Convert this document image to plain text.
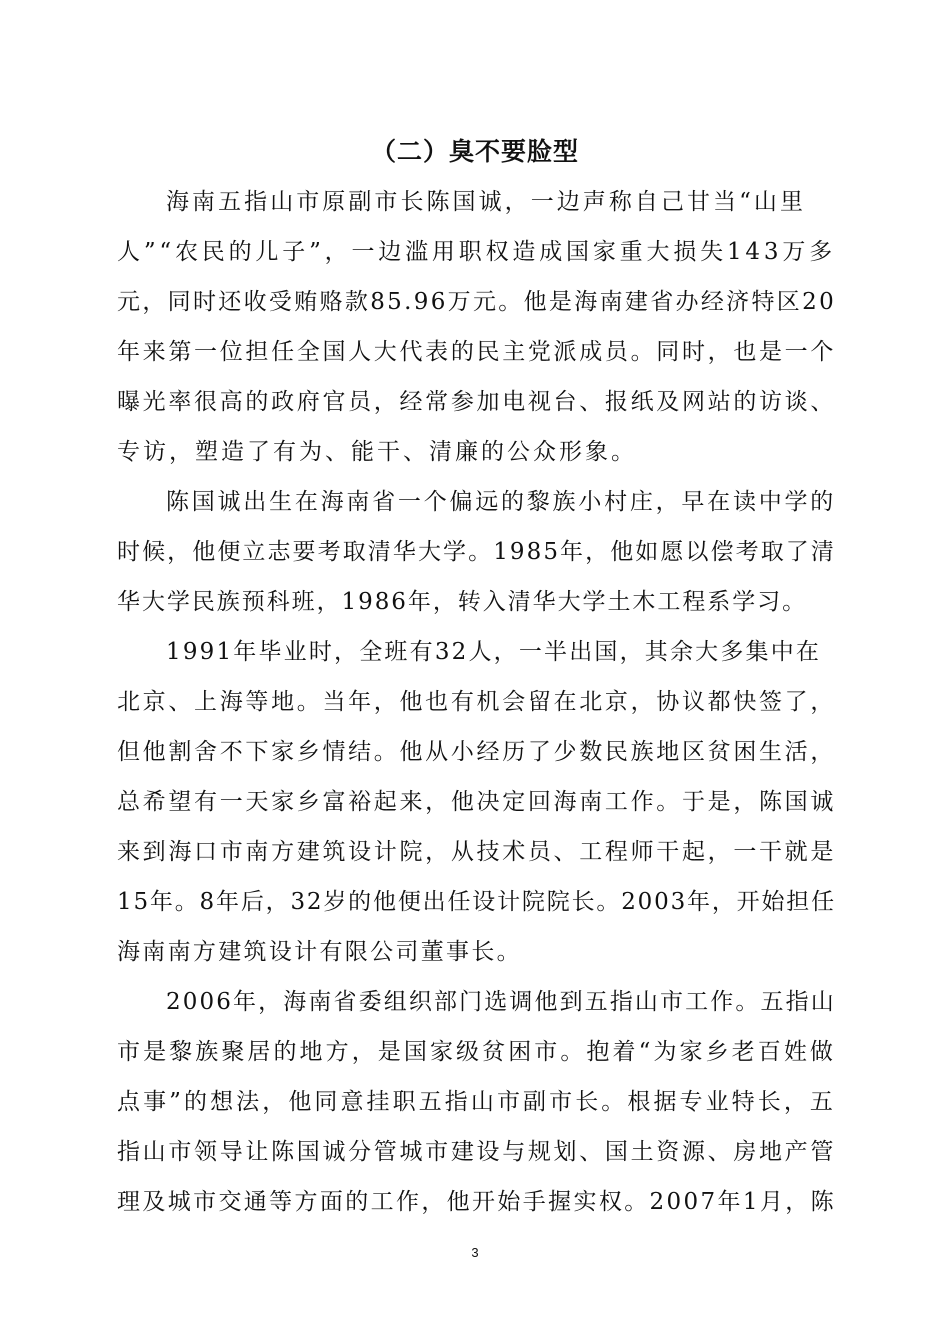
（二）臭不要脸型
海南五指山市原副市长陈国诚，一边声称自己甘当“山里
人”“农民的儿子”，一边滥用职权造成国家重大损失143万多
元，同时还收受贿赂款85.96万元。他是海南建省办经济特区20
年来第一位担任全国人大代表的民主党派成员。同时，也是一个
曝光率很高的政府官员，经常参加电视台、报纸及网站的访谈、
专访，塑造了有为、能干、清廉的公众形象。
陈国诚出生在海南省一个偏远的黎族小村庄，早在读中学的
时候，他便立志要考取清华大学。1985年，他如愿以偿考取了清
华大学民族预科班，1986年，转入清华大学土木工程系学习。
1991年毕业时，全班有32人，一半出国，其余大多集中在
北京、上海等地。当年，他也有机会留在北京，协议都快签了，
但他割舍不下家乡情结。他从小经历了少数民族地区贫困生活，
总希望有一天家乡富裕起来，他决定回海南工作。于是，陈国诚
来到海口市南方建筑设计院，从技术员、工程师干起，一干就是
15年。8年后，32岁的他便出任设计院院长。2003年，开始担任
海南南方建筑设计有限公司董事长。
2006年，海南省委组织部门选调他到五指山市工作。五指山
市是黎族聚居的地方，是国家级贫困市。抱着“为家乡老百姓做
点事”的想法，他同意挂职五指山市副市长。根据专业特长，五
指山市领导让陈国诚分管城市建设与规划、国土资源、房地产管
理及城市交通等方面的工作，他开始手握实权。2007年1月，陈
3
